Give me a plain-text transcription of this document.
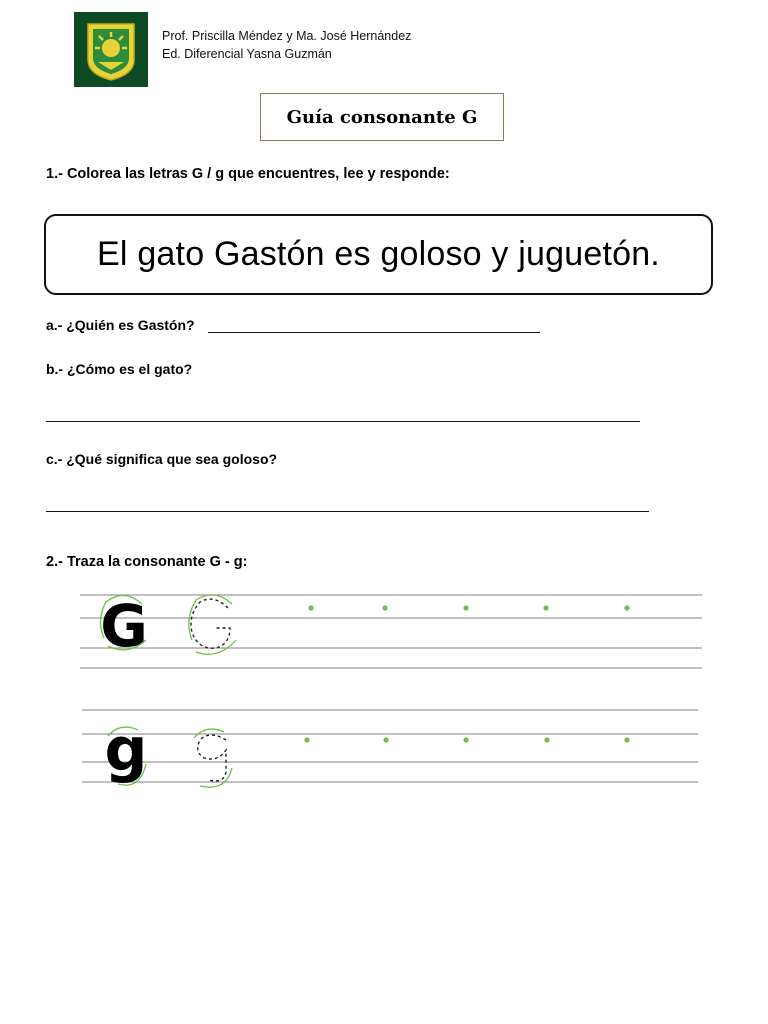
Prof. Priscilla Méndez y Ma. José Hernández
Ed. Diferencial Yasna Guzmán
Guía consonante G
1.- Colorea las letras G / g que encuentres, lee y responde:
El gato Gastón es goloso y juguetón.
a.- ¿Quién es Gastón?
b.- ¿Cómo es el gato?
c.- ¿Qué significa que sea goloso?
2.- Traza la consonante G - g:
G
g
